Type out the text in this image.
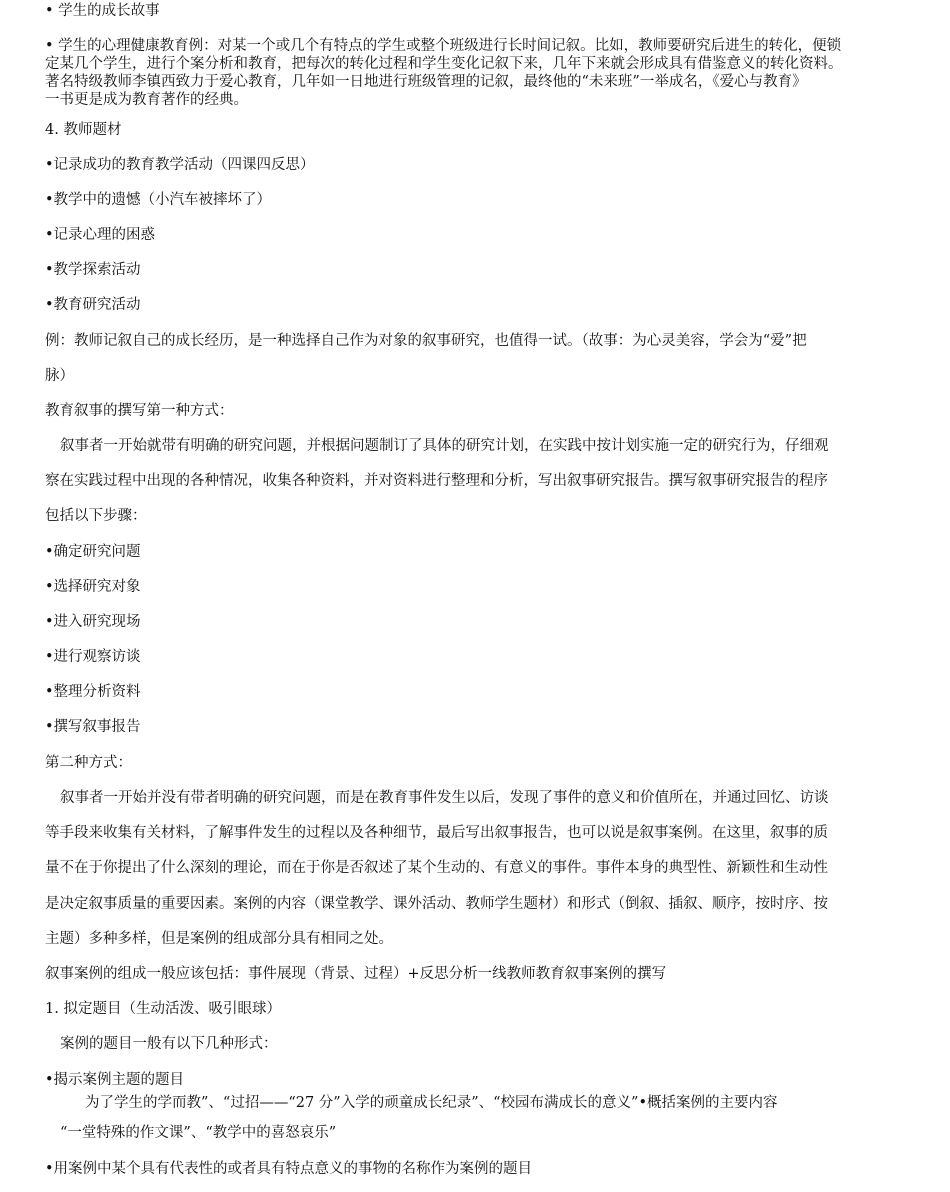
• 学生的成长故事
• 学生的心理健康教育例：对某一个或几个有特点的学生或整个班级进行长时间记叙。比如，教师要研究后进生的转化，便锁
定某几个学生，进行个案分析和教育，把每次的转化过程和学生变化记叙下来，几年下来就会形成具有借鉴意义的转化资料。
著名特级教师李镇西致力于爱心教育，几年如一日地进行班级管理的记叙，最终他的“未来班”一举成名，《爱心与教育》
一书更是成为教育著作的经典。
4. 教师题材
•记录成功的教育教学活动（四课四反思）
•教学中的遗憾（小汽车被摔坏了）
•记录心理的困惑
•教学探索活动
•教育研究活动
例：教师记叙自己的成长经历，是一种选择自己作为对象的叙事研究，也值得一试。（故事：为心灵美容，学会为“爱”把
脉）
教育叙事的撰写第一种方式：
叙事者一开始就带有明确的研究问题，并根据问题制订了具体的研究计划，在实践中按计划实施一定的研究行为，仔细观
察在实践过程中出现的各种情况，收集各种资料，并对资料进行整理和分析，写出叙事研究报告。撰写叙事研究报告的程序
包括以下步骤：
•确定研究问题
•选择研究对象
•进入研究现场
•进行观察访谈
•整理分析资料
•撰写叙事报告
第二种方式：
叙事者一开始并没有带者明确的研究问题，而是在教育事件发生以后，发现了事件的意义和价值所在，并通过回忆、访谈
等手段来收集有关材料，了解事件发生的过程以及各种细节，最后写出叙事报告，也可以说是叙事案例。在这里，叙事的质
量不在于你提出了什么深刻的理论，而在于你是否叙述了某个生动的、有意义的事件。事件本身的典型性、新颖性和生动性
是决定叙事质量的重要因素。案例的内容（课堂教学、课外活动、教师学生题材）和形式（倒叙、插叙、顺序，按时序、按
主题）多种多样，但是案例的组成部分具有相同之处。
叙事案例的组成一般应该包括：事件展现（背景、过程）+反思分析一线教师教育叙事案例的撰写
1. 拟定题目（生动活泼、吸引眼球）
案例的题目一般有以下几种形式：
•揭示案例主题的题目
为了学生的学而教”、“过招——“27 分”入学的顽童成长纪录”、“校园布满成长的意义”•概括案例的主要内容
“一堂特殊的作文课”、“教学中的喜怒哀乐”
•用案例中某个具有代表性的或者具有特点意义的事物的名称作为案例的题目
